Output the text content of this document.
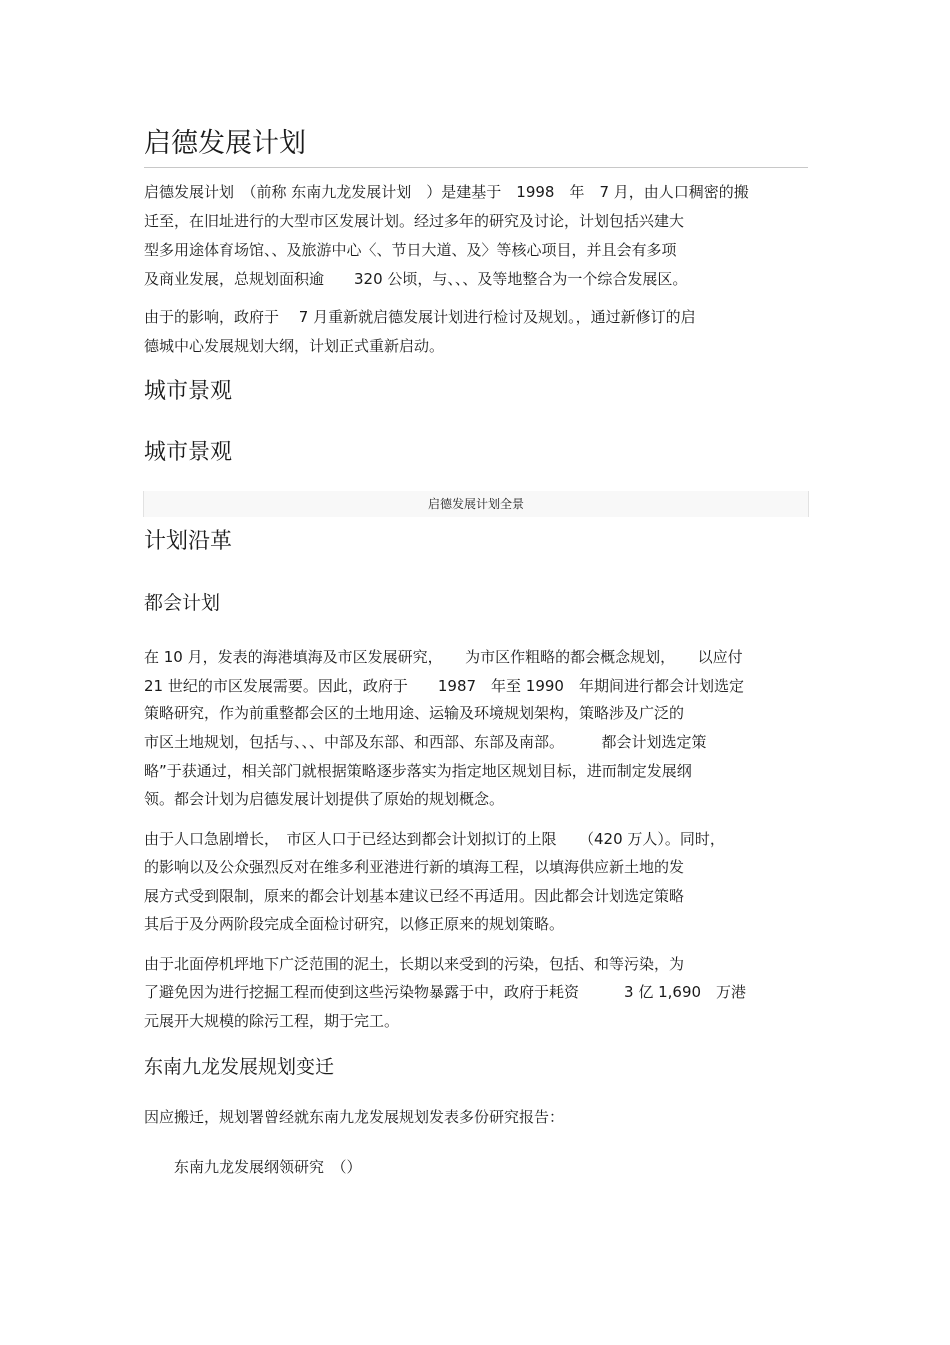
启德发展计划
启德发展计划　（前称 东南九龙发展计划　）是建基于　1998　年　7 月，由人口稠密的搬
迁至，在旧址进行的大型市区发展计划。经过多年的研究及讨论，计划包括兴建大
型多用途体育场馆、、及旅游中心〈、节日大道、及〉等核心项目，并且会有多项
及商业发展，总规划面积逾　　320 公顷，与、、、及等地整合为一个综合发展区。
由于的影响，政府于　 7 月重新就启德发展计划进行检讨及规划。，通过新修订的启
德城中心发展规划大纲，计划正式重新启动。
城市景观
城市景观
启德发展计划全景
计划沿革
都会计划
在 10 月，发表的海港填海及市区发展研究，　　为市区作粗略的都会概念规划，　　以应付
21 世纪的市区发展需要。因此，政府于　　1987　年至 1990　年期间进行都会计划选定
策略研究，作为前重整都会区的土地用途、运输及环境规划架构，策略涉及广泛的
市区土地规划，包括与、、、中部及东部、和西部、东部及南部。　　　都会计划选定策
略”于获通过，相关部门就根据策略逐步落实为指定地区规划目标，进而制定发展纲
领。都会计划为启德发展计划提供了原始的规划概念。
由于人口急剧增长，　市区人口于已经达到都会计划拟订的上限　　（420 万人）。同时，
的影响以及公众强烈反对在维多利亚港进行新的填海工程，以填海供应新土地的发
展方式受到限制，原来的都会计划基本建议已经不再适用。因此都会计划选定策略
其后于及分两阶段完成全面检讨研究，以修正原来的规划策略。
由于北面停机坪地下广泛范围的泥土，长期以来受到的污染，包括、和等污染，为
了避免因为进行挖掘工程而使到这些污染物暴露于中，政府于耗资　　　3 亿 1,690　万港
元展开大规模的除污工程，期于完工。
东南九龙发展规划变迁
因应搬迁，规划署曾经就东南九龙发展规划发表多份研究报告：
东南九龙发展纲领研究　（）
